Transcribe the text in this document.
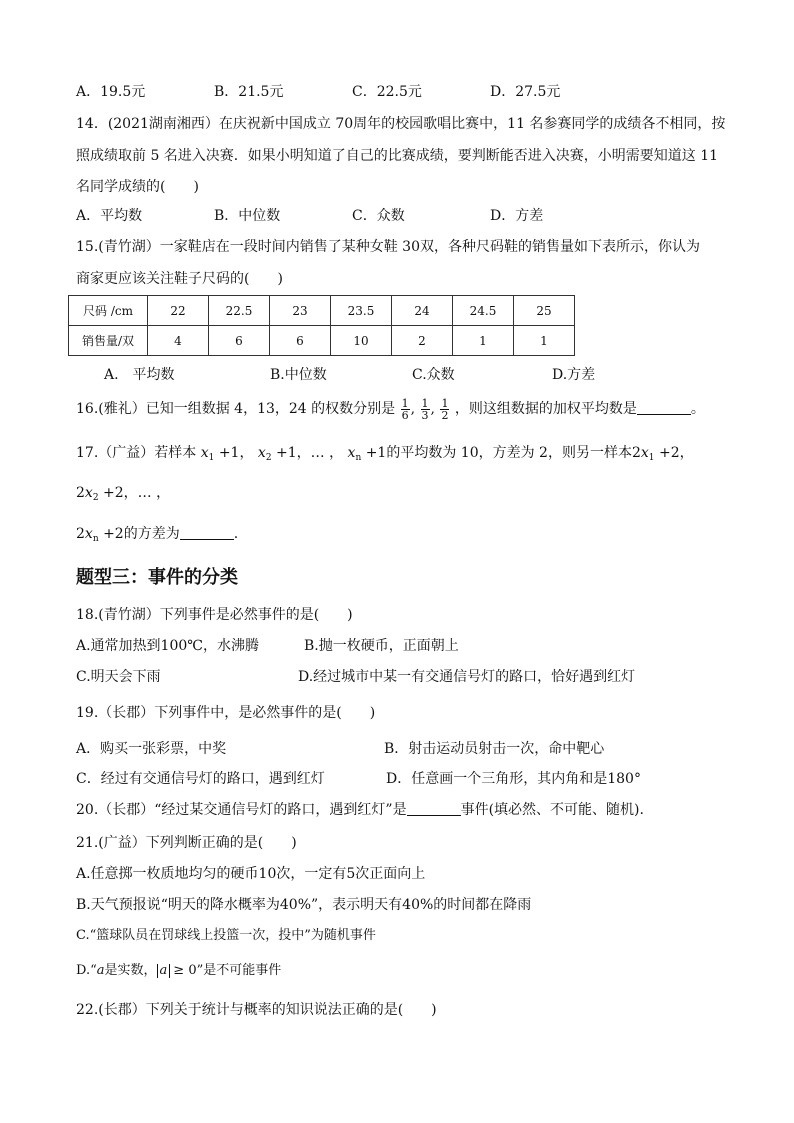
A．19.5元	B．21.5元	C．22.5元	D．27.5元
14．(2021湖南湘西）在庆祝新中国成立 70周年的校园歌唱比赛中，11 名参赛同学的成绩各不相同，按
照成绩取前 5 名进入决赛．如果小明知道了自己的比赛成绩，要判断能否进入决赛，小明需要知道这 11
名同学成绩的(　　)
A．平均数	B．中位数	C．众数	D．方差
15.(青竹湖）一家鞋店在一段时间内销售了某种女鞋 30双，各种尺码鞋的销售量如下表所示，你认为
商家更应该关注鞋子尺码的(　　)
尺码 /cm	22	22.5	23	23.5	24	24.5	25
销售量/双	4	6	6	10	2	1	1
A.　平均数	B.中位数	C.众数	D.方差
16.(雅礼）已知一组数据 4，13，24 的权数分别是 $\frac{1}{6}$ , $\frac{1}{3}$ , $\frac{1}{2}$ ，则这组数据的加权平均数是	。
17.（广益）若样本 $x_1 +1$， $x_2 +1$，… ， $x_n +1$的平均数为 10，方差为 2，则另一样本$2x_1 +2$，
$2x_2 +2$，… ，
$2x_n +2$的方差为	.
题型三：事件的分类
18.(青竹湖）下列事件是必然事件的是(　　)
A.通常加热到100℃，水沸腾	B.抛一枚硬币，正面朝上
C.明天会下雨	D.经过城市中某一有交通信号灯的路口，恰好遇到红灯
19.（长郡）下列事件中，是必然事件的是(　　)
A．购买一张彩票，中奖	B．射击运动员射击一次，命中靶心
C．经过有交通信号灯的路口，遇到红灯	D．任意画一个三角形，其内角和是180°
20.（长郡）“经过某交通信号灯的路口，遇到红灯”是	事件(填必然、不可能、随机).
21.(广益）下列判断正确的是(　　)
A.任意掷一枚质地均匀的硬币10次，一定有5次正面向上
B.天气预报说“明天的降水概率为40%”，表示明天有40%的时间都在降雨
C.“篮球队员在罚球线上投篮一次，投中”为随机事件
D.“a是实数， a ≥ 0”是不可能事件
22.(长郡）下列关于统计与概率的知识说法正确的是(　　)
